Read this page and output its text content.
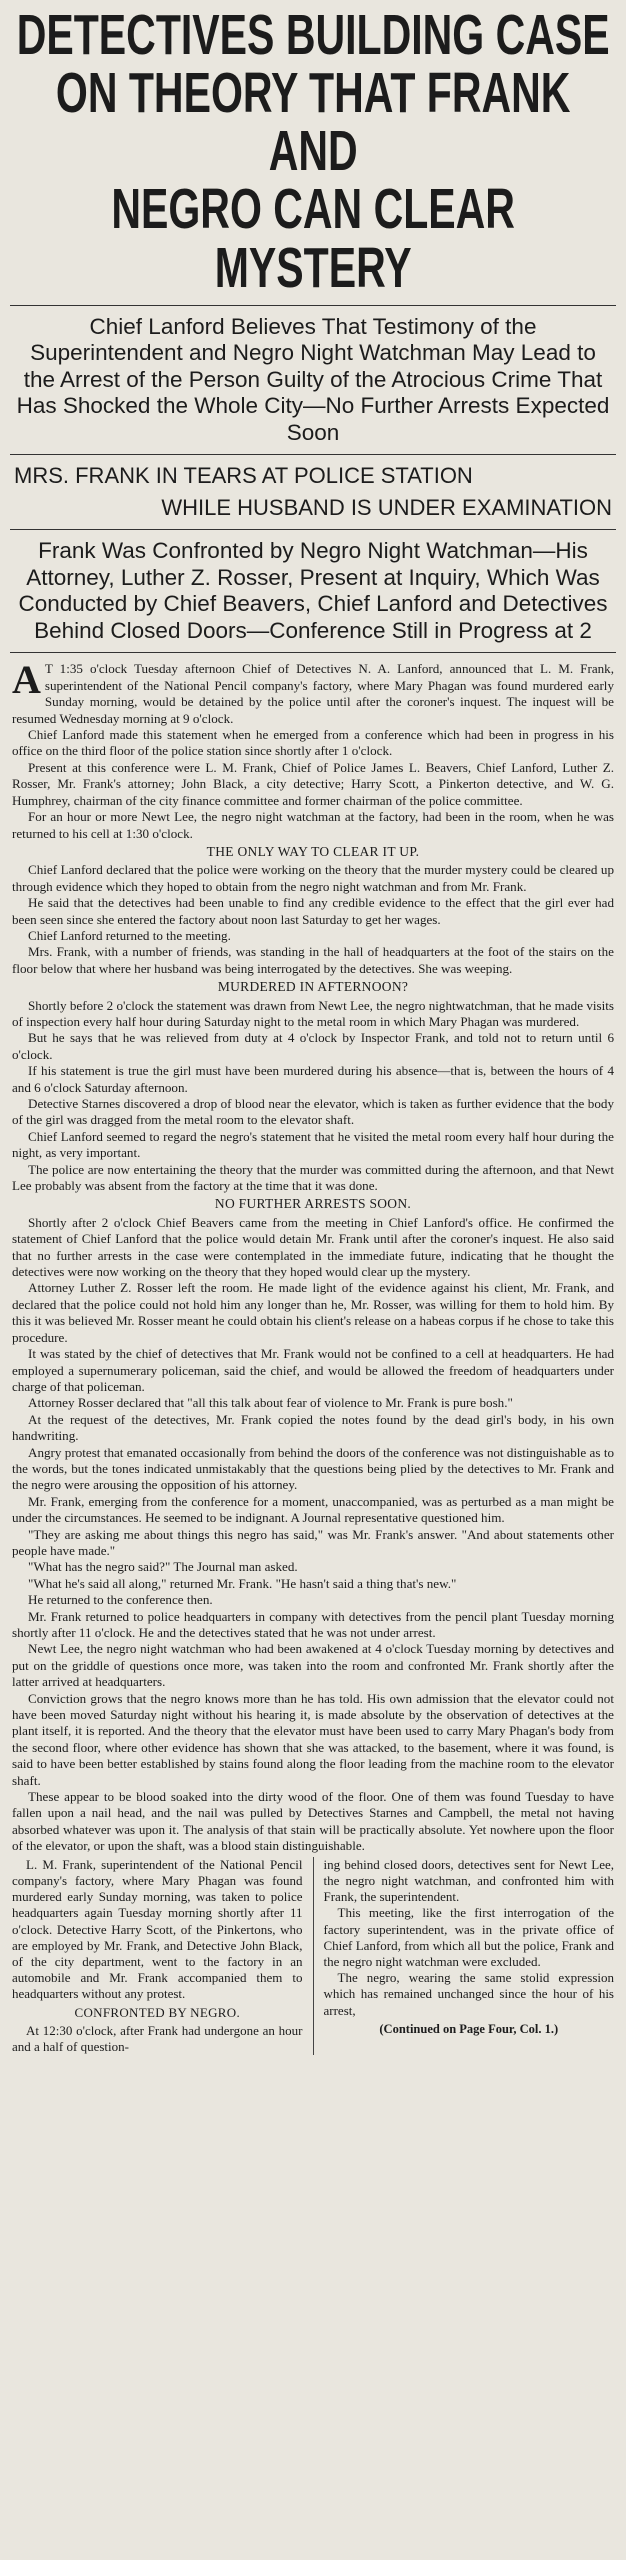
DETECTIVES BUILDING CASE
ON THEORY THAT FRANK AND
NEGRO CAN CLEAR MYSTERY
Chief Lanford Believes That Testimony of the Superintendent and Negro Night Watchman May Lead to the Arrest of the Person Guilty of the Atrocious Crime That Has Shocked the Whole City—No Further Arrests Expected Soon
MRS. FRANK IN TEARS AT POLICE STATION
WHILE HUSBAND IS UNDER EXAMINATION
Frank Was Confronted by Negro Night Watchman—His Attorney, Luther Z. Rosser, Present at Inquiry, Which Was Conducted by Chief Beavers, Chief Lanford and Detectives Behind Closed Doors—Conference Still in Progress at 2

A T 1:35 o'clock Tuesday afternoon Chief of Detectives N. A. Lanford, announced that L. M. Frank, superintendent of the National Pencil company's factory, where Mary Phagan was found murdered early Sunday morning, would be detained by the police until after the coroner's inquest. The inquest will be resumed Wednesday morning at 9 o'clock.

Chief Lanford made this statement when he emerged from a conference which had been in progress in his office on the third floor of the police station since shortly after 1 o'clock.

Present at this conference were L. M. Frank, Chief of Police James L. Beavers, Chief Lanford, Luther Z. Rosser, Mr. Frank's attorney; John Black, a city detective; Harry Scott, a Pinkerton detective, and W. G. Humphrey, chairman of the city finance committee and former chairman of the police committee.

For an hour or more Newt Lee, the negro night watchman at the factory, had been in the room, when he was returned to his cell at 1:30 o'clock.

THE ONLY WAY TO CLEAR IT UP.

Chief Lanford declared that the police were working on the theory that the murder mystery could be cleared up through evidence which they hoped to obtain from the negro night watchman and from Mr. Frank.

He said that the detectives had been unable to find any credible evidence to the effect that the girl ever had been seen since she entered the factory about noon last Saturday to get her wages.

Chief Lanford returned to the meeting.

Mrs. Frank, with a number of friends, was standing in the hall of headquarters at the foot of the stairs on the floor below that where her husband was being interrogated by the detectives. She was weeping.

MURDERED IN AFTERNOON?

Shortly before 2 o'clock the statement was drawn from Newt Lee, the negro nightwatchman, that he made visits of inspection every half hour during Saturday night to the metal room in which Mary Phagan was murdered.

But he says that he was relieved from duty at 4 o'clock by Inspector Frank, and told not to return until 6 o'clock.

If his statement is true the girl must have been murdered during his absence—that is, between the hours of 4 and 6 o'clock Saturday afternoon.

Detective Starnes discovered a drop of blood near the elevator, which is taken as further evidence that the body of the girl was dragged from the metal room to the elevator shaft.

Chief Lanford seemed to regard the negro's statement that he visited the metal room every half hour during the night, as very important.

The police are now entertaining the theory that the murder was committed during the afternoon, and that Newt Lee probably was absent from the factory at the time that it was done.

NO FURTHER ARRESTS SOON.

Shortly after 2 o'clock Chief Beavers came from the meeting in Chief Lanford's office. He confirmed the statement of Chief Lanford that the police would detain Mr. Frank until after the coroner's inquest. He also said that no further arrests in the case were contemplated in the immediate future, indicating that he thought the detectives were now working on the theory that they hoped would clear up the mystery.

Attorney Luther Z. Rosser left the room. He made light of the evidence against his client, Mr. Frank, and declared that the police could not hold him any longer than he, Mr. Rosser, was willing for them to hold him. By this it was believed Mr. Rosser meant he could obtain his client's release on a habeas corpus if he chose to take this procedure.

It was stated by the chief of detectives that Mr. Frank would not be confined to a cell at headquarters. He had employed a supernumerary policeman, said the chief, and would be allowed the freedom of headquarters under charge of that policeman.

Attorney Rosser declared that "all this talk about fear of violence to Mr. Frank is pure bosh."

At the request of the detectives, Mr. Frank copied the notes found by the dead girl's body, in his own handwriting.

Angry protest that emanated occasionally from behind the doors of the conference was not distinguishable as to the words, but the tones indicated unmistakably that the questions being plied by the detectives to Mr. Frank and the negro were arousing the opposition of his attorney.

Mr. Frank, emerging from the conference for a moment, unaccompanied, was as perturbed as a man might be under the circumstances. He seemed to be indignant. A Journal representative questioned him.

"They are asking me about things this negro has said," was Mr. Frank's answer. "And about statements other people have made."

"What has the negro said?" The Journal man asked.

"What he's said all along," returned Mr. Frank. "He hasn't said a thing that's new."

He returned to the conference then.

Mr. Frank returned to police headquarters in company with detectives from the pencil plant Tuesday morning shortly after 11 o'clock. He and the detectives stated that he was not under arrest.

Newt Lee, the negro night watchman who had been awakened at 4 o'clock Tuesday morning by detectives and put on the griddle of questions once more, was taken into the room and confronted Mr. Frank shortly after the latter arrived at headquarters.

Conviction grows that the negro knows more than he has told. His own admission that the elevator could not have been moved Saturday night without his hearing it, is made absolute by the observation of detectives at the plant itself, it is reported. And the theory that the elevator must have been used to carry Mary Phagan's body from the second floor, where other evidence has shown that she was attacked, to the basement, where it was found, is said to have been better established by stains found along the floor leading from the machine room to the elevator shaft.

These appear to be blood soaked into the dirty wood of the floor. One of them was found Tuesday to have fallen upon a nail head, and the nail was pulled by Detectives Starnes and Campbell, the metal not having absorbed whatever was upon it. The analysis of that stain will be practically absolute. Yet nowhere upon the floor of the elevator, or upon the shaft, was a blood stain distinguishable.

L. M. Frank, superintendent of the National Pencil company's factory, where Mary Phagan was found murdered early Sunday morning, was taken to police headquarters again Tuesday morning shortly after 11 o'clock. Detective Harry Scott, of the Pinkertons, who are employed by Mr. Frank, and Detective John Black, of the city department, went to the factory in an automobile and Mr. Frank accompanied them to headquarters without any protest.

CONFRONTED BY NEGRO.

At 12:30 o'clock, after Frank had undergone an hour and a half of question-

ing behind closed doors, detectives sent for Newt Lee, the negro night watchman, and confronted him with Frank, the superintendent.

This meeting, like the first interrogation of the factory superintendent, was in the private office of Chief Lanford, from which all but the police, Frank and the negro night watchman were excluded.

The negro, wearing the same stolid expression which has remained unchanged since the hour of his arrest,

(Continued on Page Four, Col. 1.)
